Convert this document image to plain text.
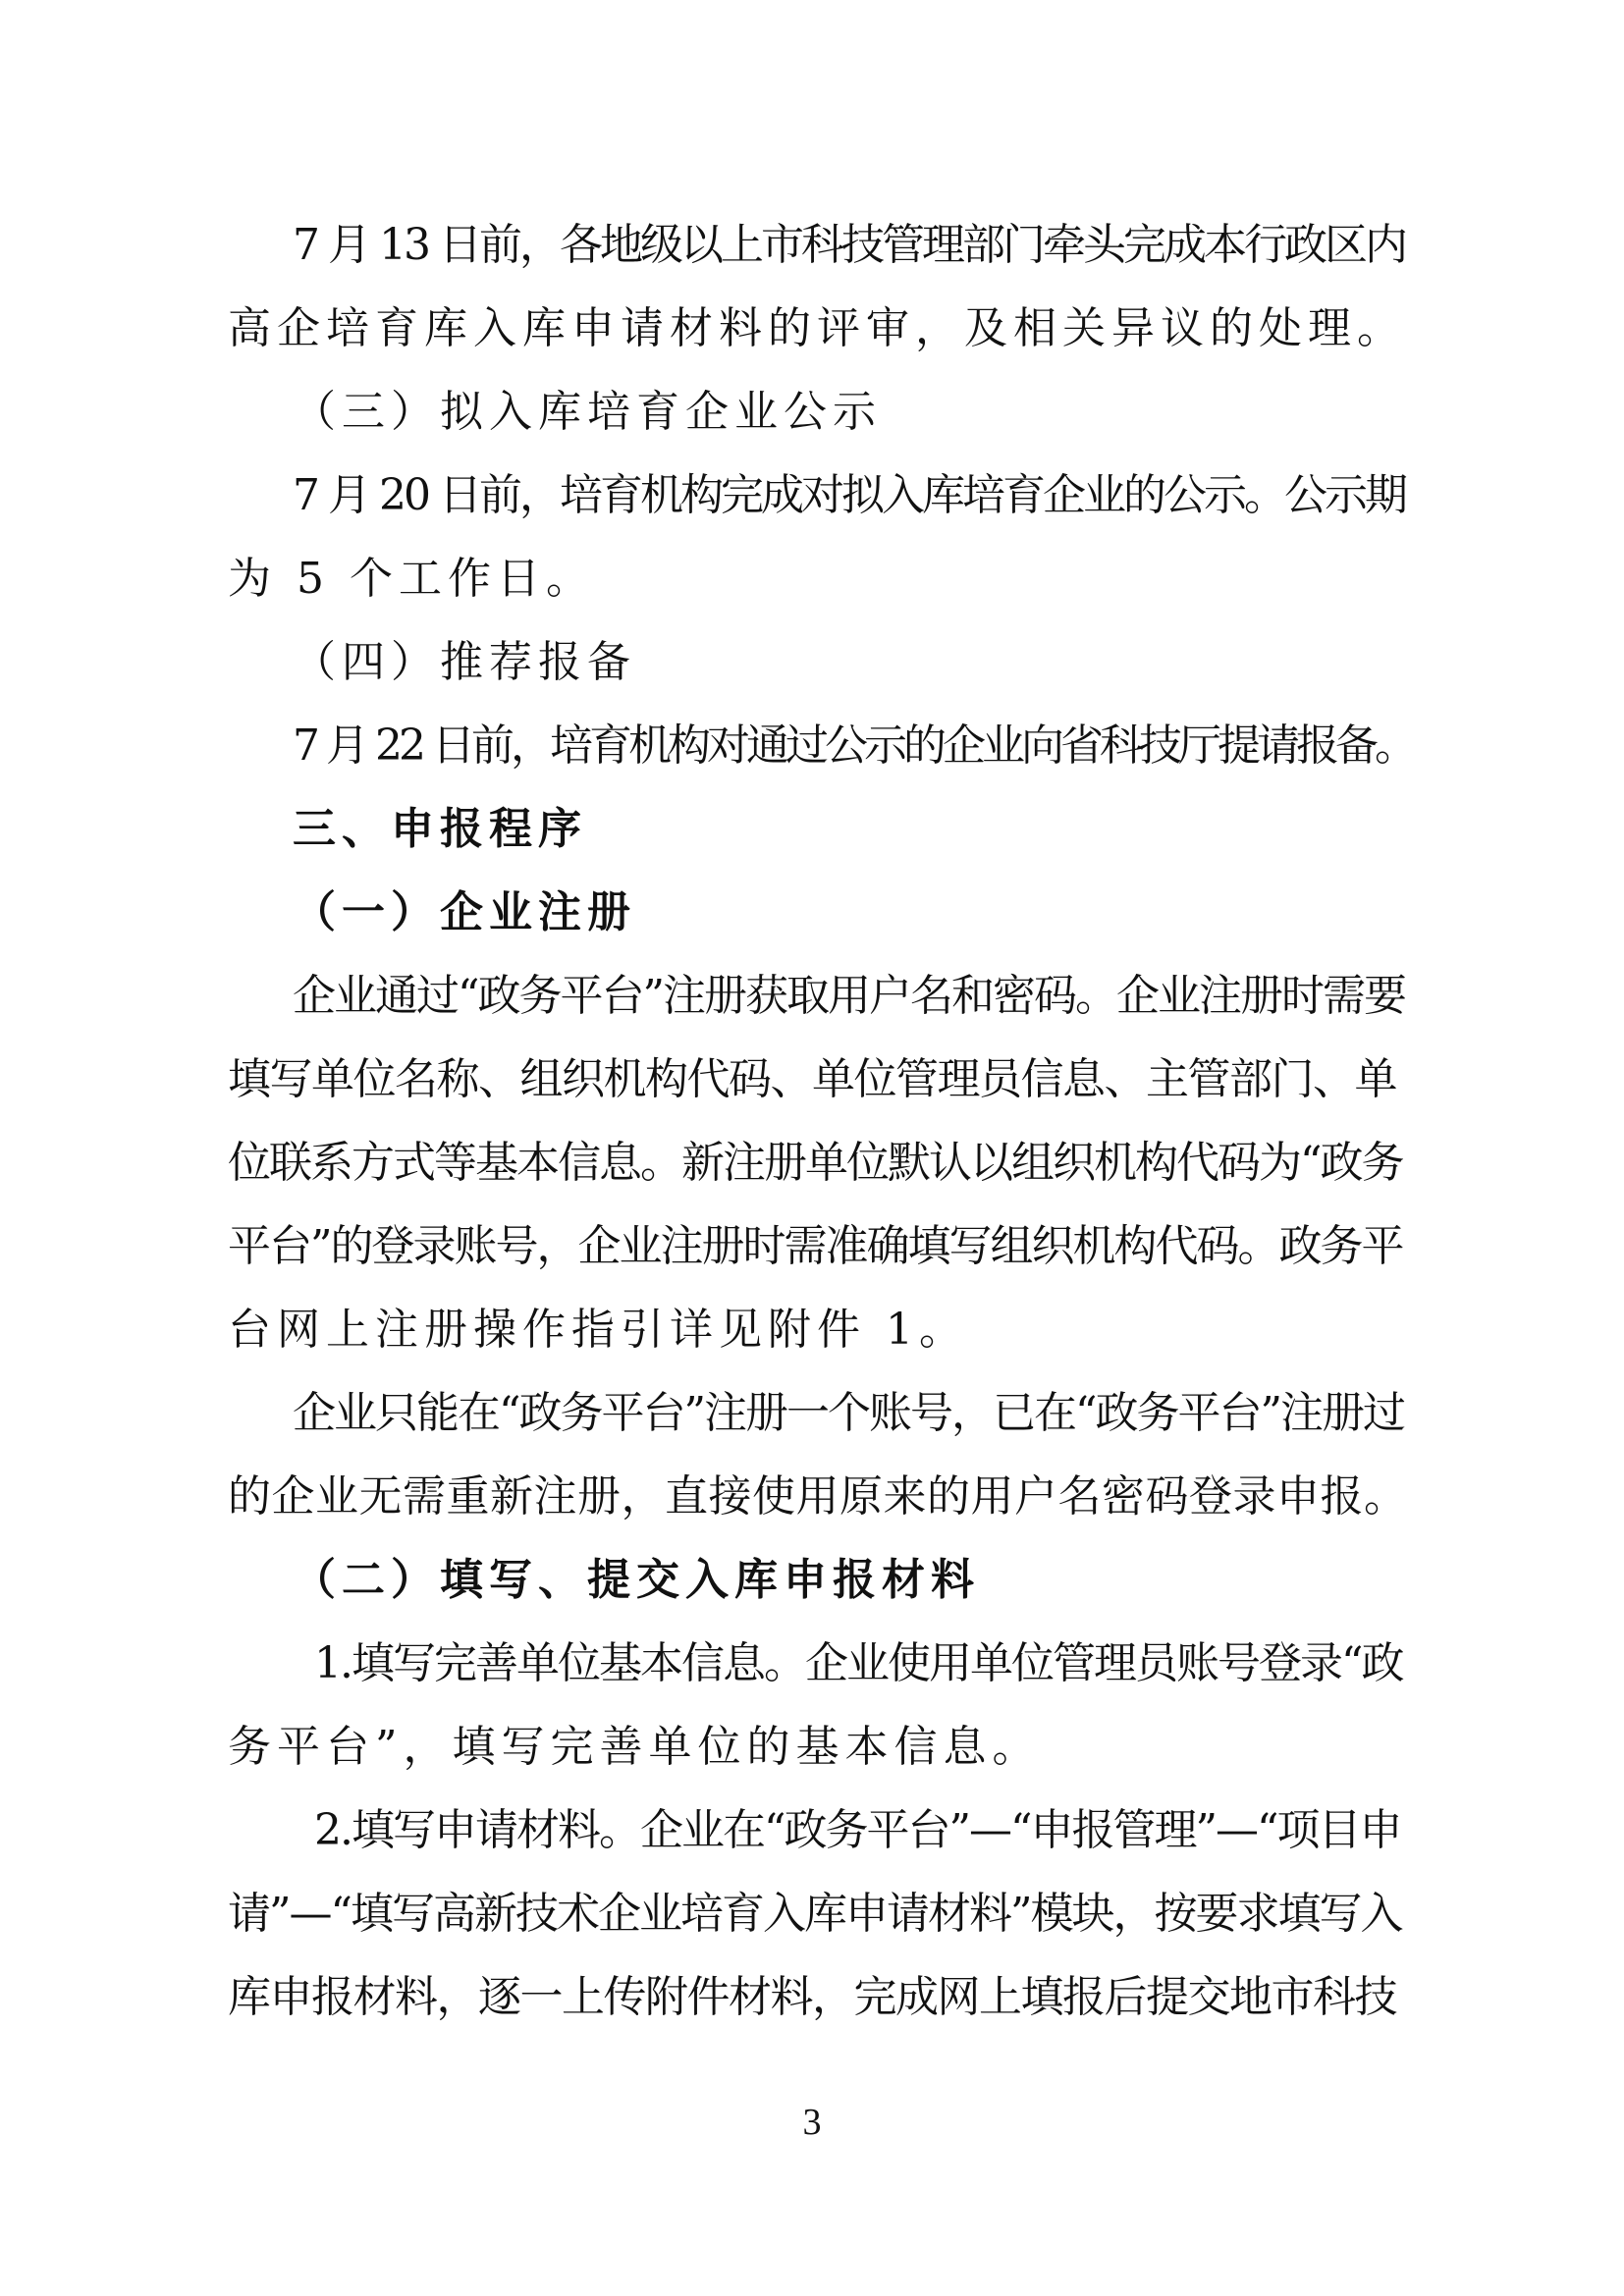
7 月 13 日前，各地级以上市科技管理部门牵头完成本行政区内
高企培育库入库申请材料的评审，及相关异议的处理。
（三）拟入库培育企业公示
7 月 20 日前，培育机构完成对拟入库培育企业的公示。公示期
为 5 个工作日。
（四）推荐报备
7 月 22 日前，培育机构对通过公示的企业向省科技厅提请报备。
三、申报程序
（一）企业注册
企业通过“政务平台”注册获取用户名和密码。企业注册时需要
填写单位名称、组织机构代码、单位管理员信息、主管部门、单
位联系方式等基本信息。新注册单位默认以组织机构代码为“政务
平台”的登录账号，企业注册时需准确填写组织机构代码。政务平
台网上注册操作指引详见附件 1。
企业只能在“政务平台”注册一个账号，已在“政务平台”注册过
的企业无需重新注册，直接使用原来的用户名密码登录申报。
（二）填写、提交入库申报材料
1.填写完善单位基本信息。企业使用单位管理员账号登录“政
务平台”，填写完善单位的基本信息。
2.填写申请材料。企业在“政务平台”—“申报管理”—“项目申
请”—“填写高新技术企业培育入库申请材料”模块，按要求填写入
库申报材料，逐一上传附件材料，完成网上填报后提交地市科技
3
